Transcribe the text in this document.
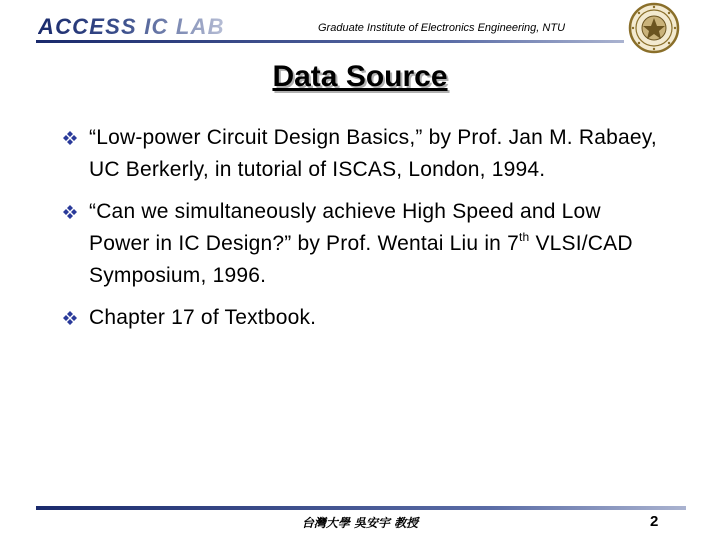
ACCESS IC LAB	Graduate Institute of Electronics Engineering, NTU
Data Source
“Low-power Circuit Design Basics,” by Prof. Jan M. Rabaey, UC Berkerly, in tutorial of ISCAS, London, 1994.
“Can we simultaneously achieve High Speed and Low Power in IC Design?” by Prof. Wentai Liu in 7th VLSI/CAD Symposium, 1996.
Chapter 17 of Textbook.
台灣大學 吳安宇 教授	2
